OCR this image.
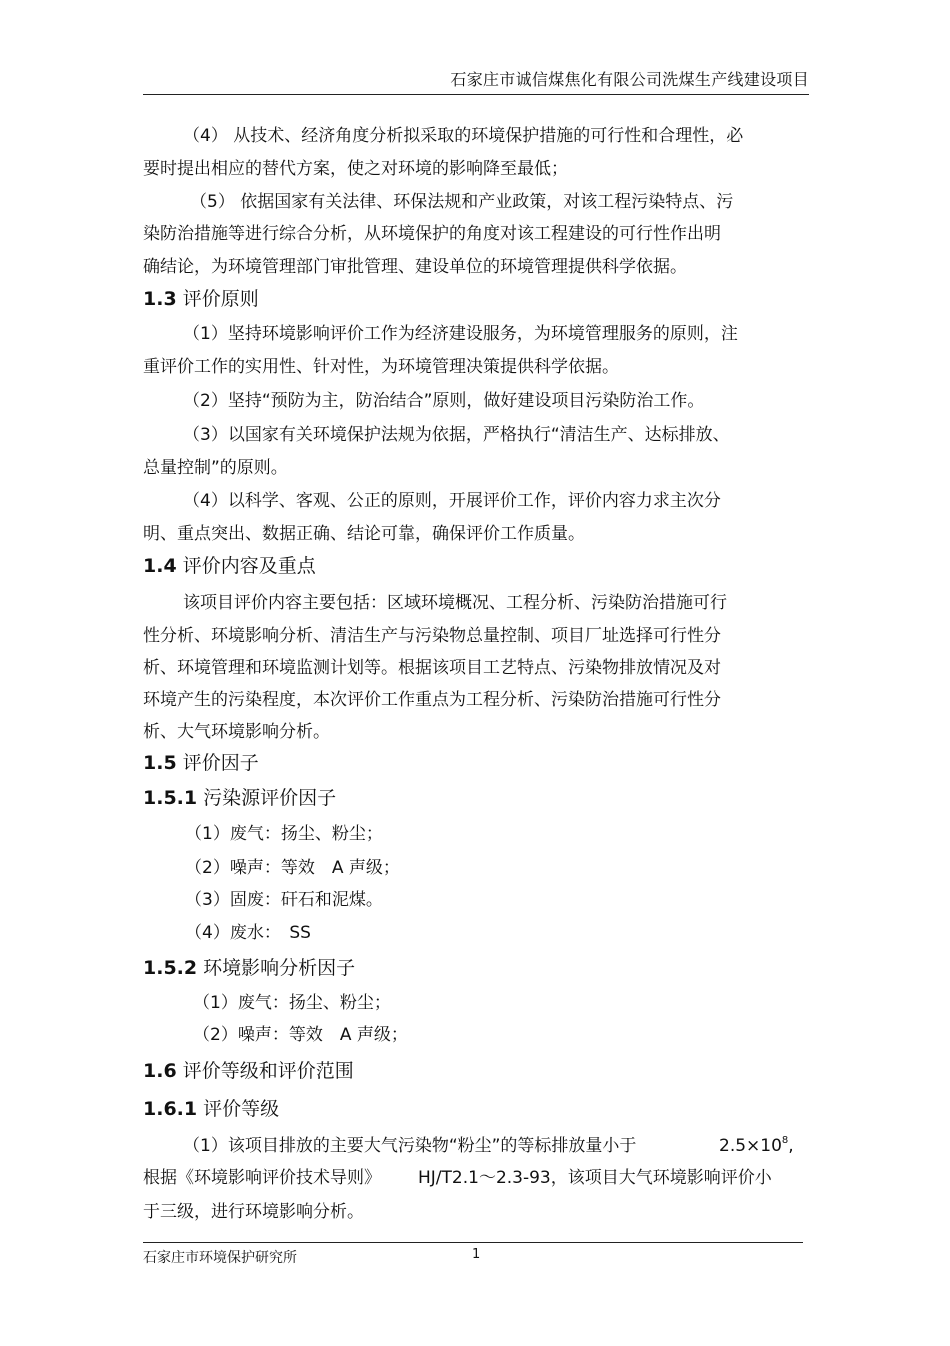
石家庄市诚信煤焦化有限公司洗煤生产线建设项目
（4） 从技术、经济角度分析拟采取的环境保护措施的可行性和合理性，必
要时提出相应的替代方案，使之对环境的影响降至最低；
（5） 依据国家有关法律、环保法规和产业政策，对该工程污染特点、污
染防治措施等进行综合分析，从环境保护的角度对该工程建设的可行性作出明
确结论，为环境管理部门审批管理、建设单位的环境管理提供科学依据。
1.3 评价原则
（1）坚持环境影响评价工作为经济建设服务，为环境管理服务的原则，注
重评价工作的实用性、针对性，为环境管理决策提供科学依据。
（2）坚持“预防为主，防治结合”原则，做好建设项目污染防治工作。
（3）以国家有关环境保护法规为依据，严格执行“清洁生产、达标排放、
总量控制”的原则。
（4）以科学、客观、公正的原则，开展评价工作，评价内容力求主次分
明、重点突出、数据正确、结论可靠，确保评价工作质量。
1.4 评价内容及重点
该项目评价内容主要包括：区域环境概况、工程分析、污染防治措施可行
性分析、环境影响分析、清洁生产与污染物总量控制、项目厂址选择可行性分
析、环境管理和环境监测计划等。根据该项目工艺特点、污染物排放情况及对
环境产生的污染程度，本次评价工作重点为工程分析、污染防治措施可行性分
析、大气环境影响分析。
1.5 评价因子
1.5.1 污染源评价因子
（1）废气：扬尘、粉尘；
（2）噪声：等效　A 声级；
（3）固废：矸石和泥煤。
（4）废水：　SS
1.5.2 环境影响分析因子
（1）废气：扬尘、粉尘；
（2）噪声：等效　A 声级；
1.6 评价等级和评价范围
1.6.1 评价等级
（1）该项目排放的主要大气污染物“粉尘”的等标排放量小于	$2.5\times 10^8$,
根据《环境影响评价技术导则》 HJ/T2.1～2.3-93，该项目大气环境影响评价小
于三级，进行环境影响分析。
石家庄市环境保护研究所	1
